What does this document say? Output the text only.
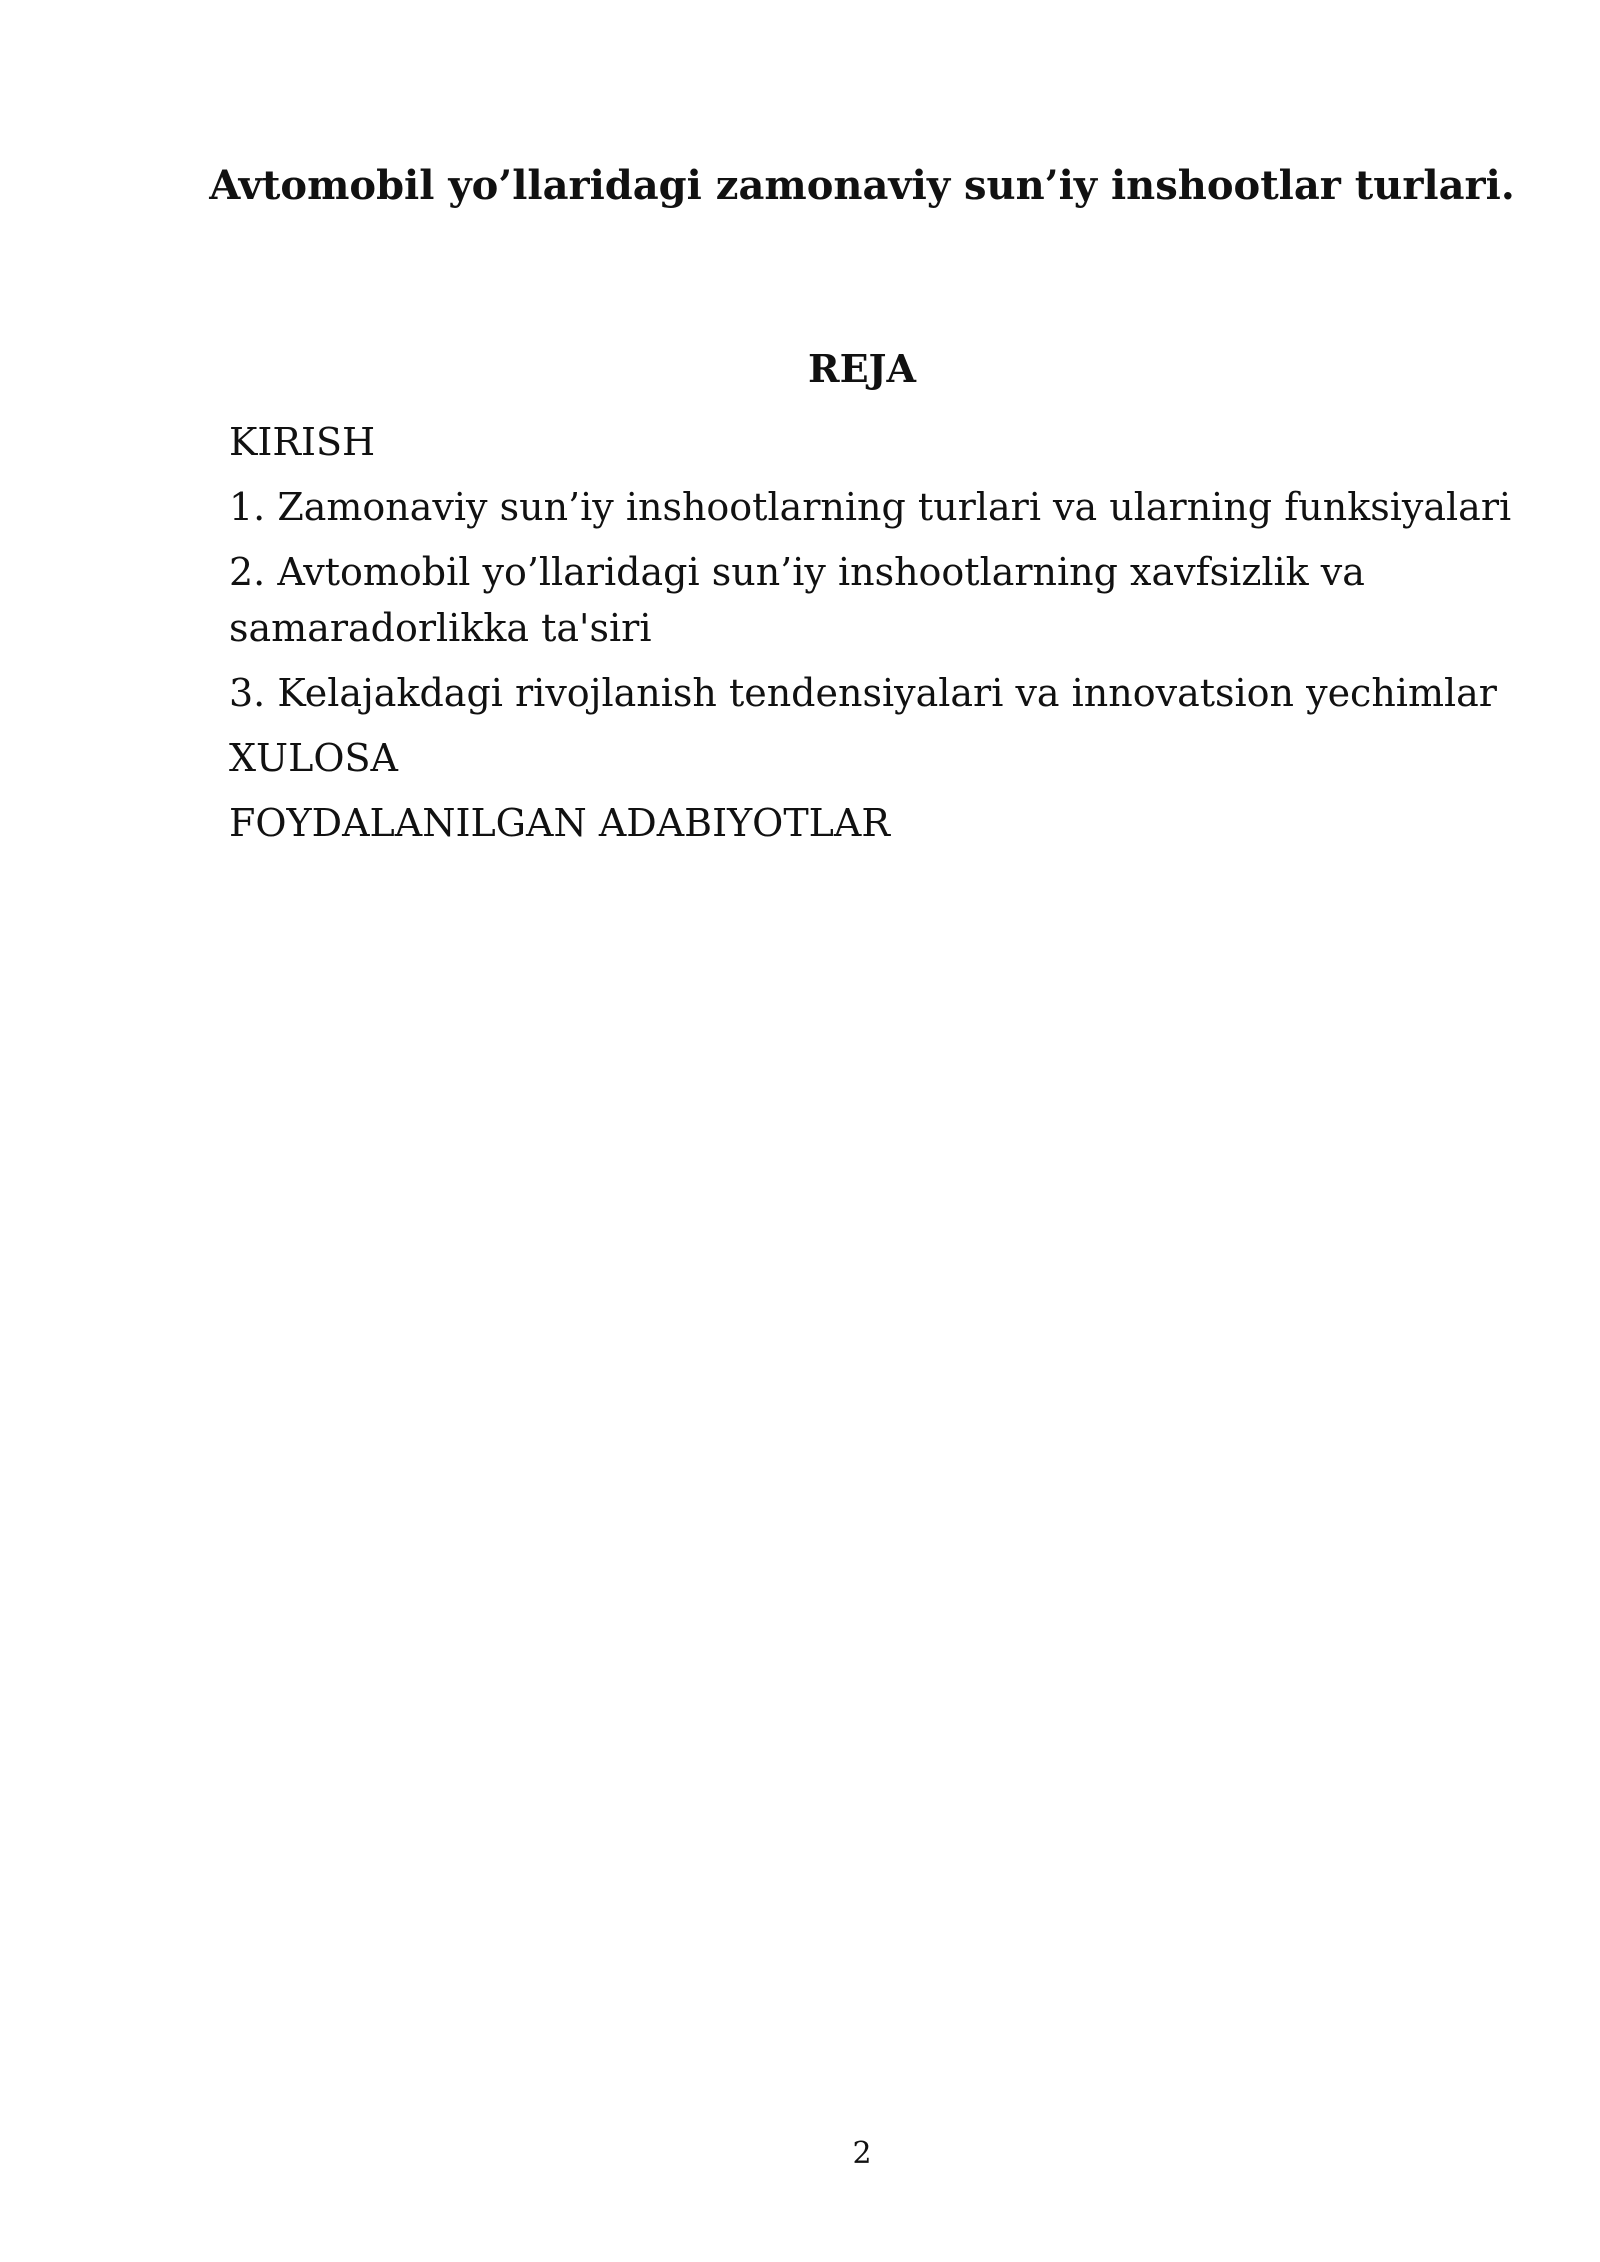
Avtomobil yo’llaridagi zamonaviy sun’iy inshootlar turlari.
REJA
KIRISH
1. Zamonaviy sun’iy inshootlarning turlari va ularning funksiyalari
2. Avtomobil yo’llaridagi sun’iy inshootlarning xavfsizlik va samaradorlikka ta'siri
3. Kelajakdagi rivojlanish tendensiyalari va innovatsion yechimlar
XULOSA
FOYDALANILGAN ADABIYOTLAR
2
